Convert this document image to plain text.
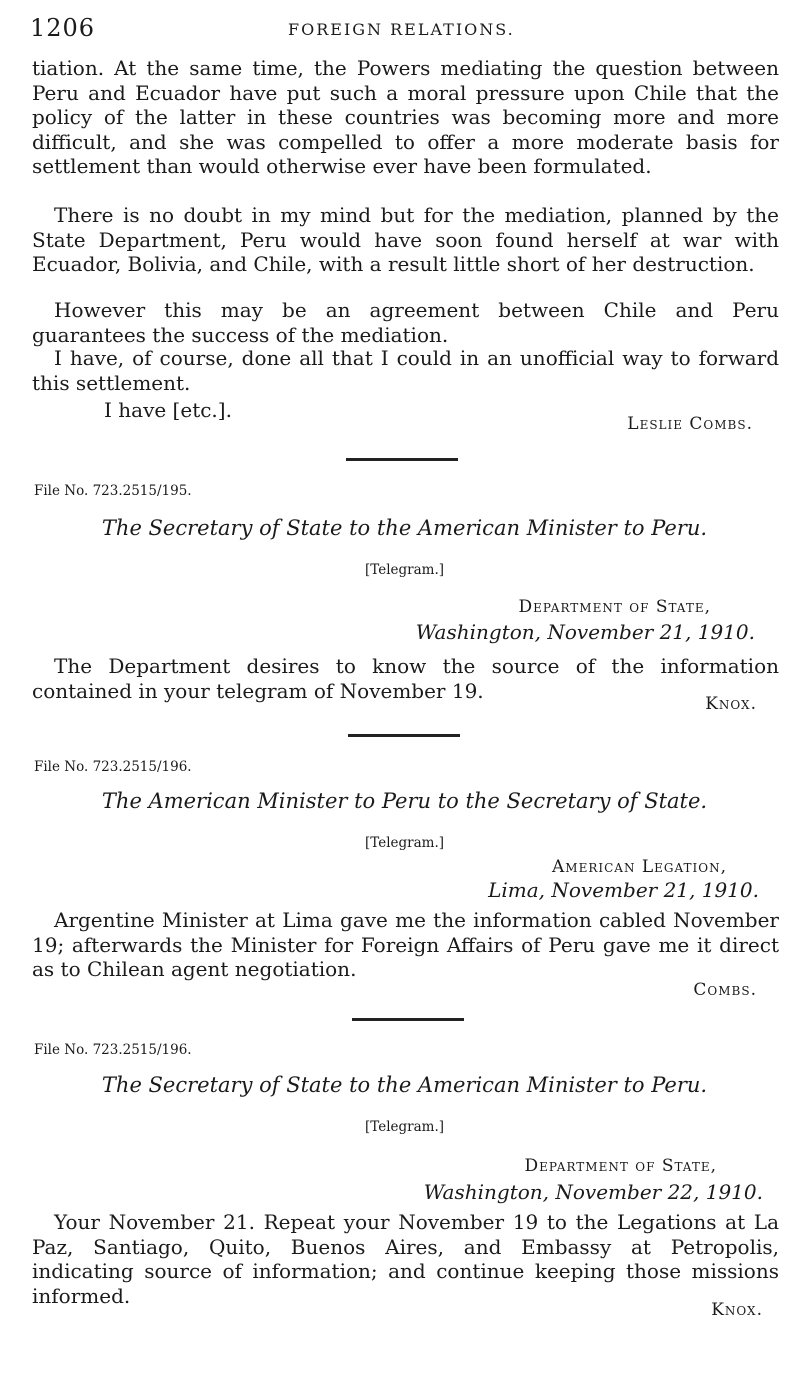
1206	FOREIGN RELATIONS.

tiation. At the same time, the Powers mediating the question between Peru and Ecuador have put such a moral pressure upon Chile that the policy of the latter in these countries was becoming more and more difficult, and she was compelled to offer a more moderate basis for settlement than would otherwise ever have been formulated.

There is no doubt in my mind but for the mediation, planned by the State Department, Peru would have soon found herself at war with Ecuador, Bolivia, and Chile, with a result little short of her destruction.

However this may be an agreement between Chile and Peru guarantees the success of the mediation.

I have, of course, done all that I could in an unofficial way to forward this settlement.

I have [etc.].

Leslie Combs.
File No. 723.2515/195.
The Secretary of State to the American Minister to Peru.
[Telegram.]
Department of State,
Washington, November 21, 1910.

The Department desires to know the source of the information contained in your telegram of November 19.

Knox.
File No. 723.2515/196.
The American Minister to Peru to the Secretary of State.
[Telegram.]
American Legation,
Lima, November 21, 1910.

Argentine Minister at Lima gave me the information cabled November 19; afterwards the Minister for Foreign Affairs of Peru gave me it direct as to Chilean agent negotiation.

Combs.
File No. 723.2515/196.
The Secretary of State to the American Minister to Peru.
[Telegram.]
Department of State,
Washington, November 22, 1910.

Your November 21. Repeat your November 19 to the Legations at La Paz, Santiago, Quito, Buenos Aires, and Embassy at Petropolis, indicating source of information; and continue keeping those missions informed.

Knox.
